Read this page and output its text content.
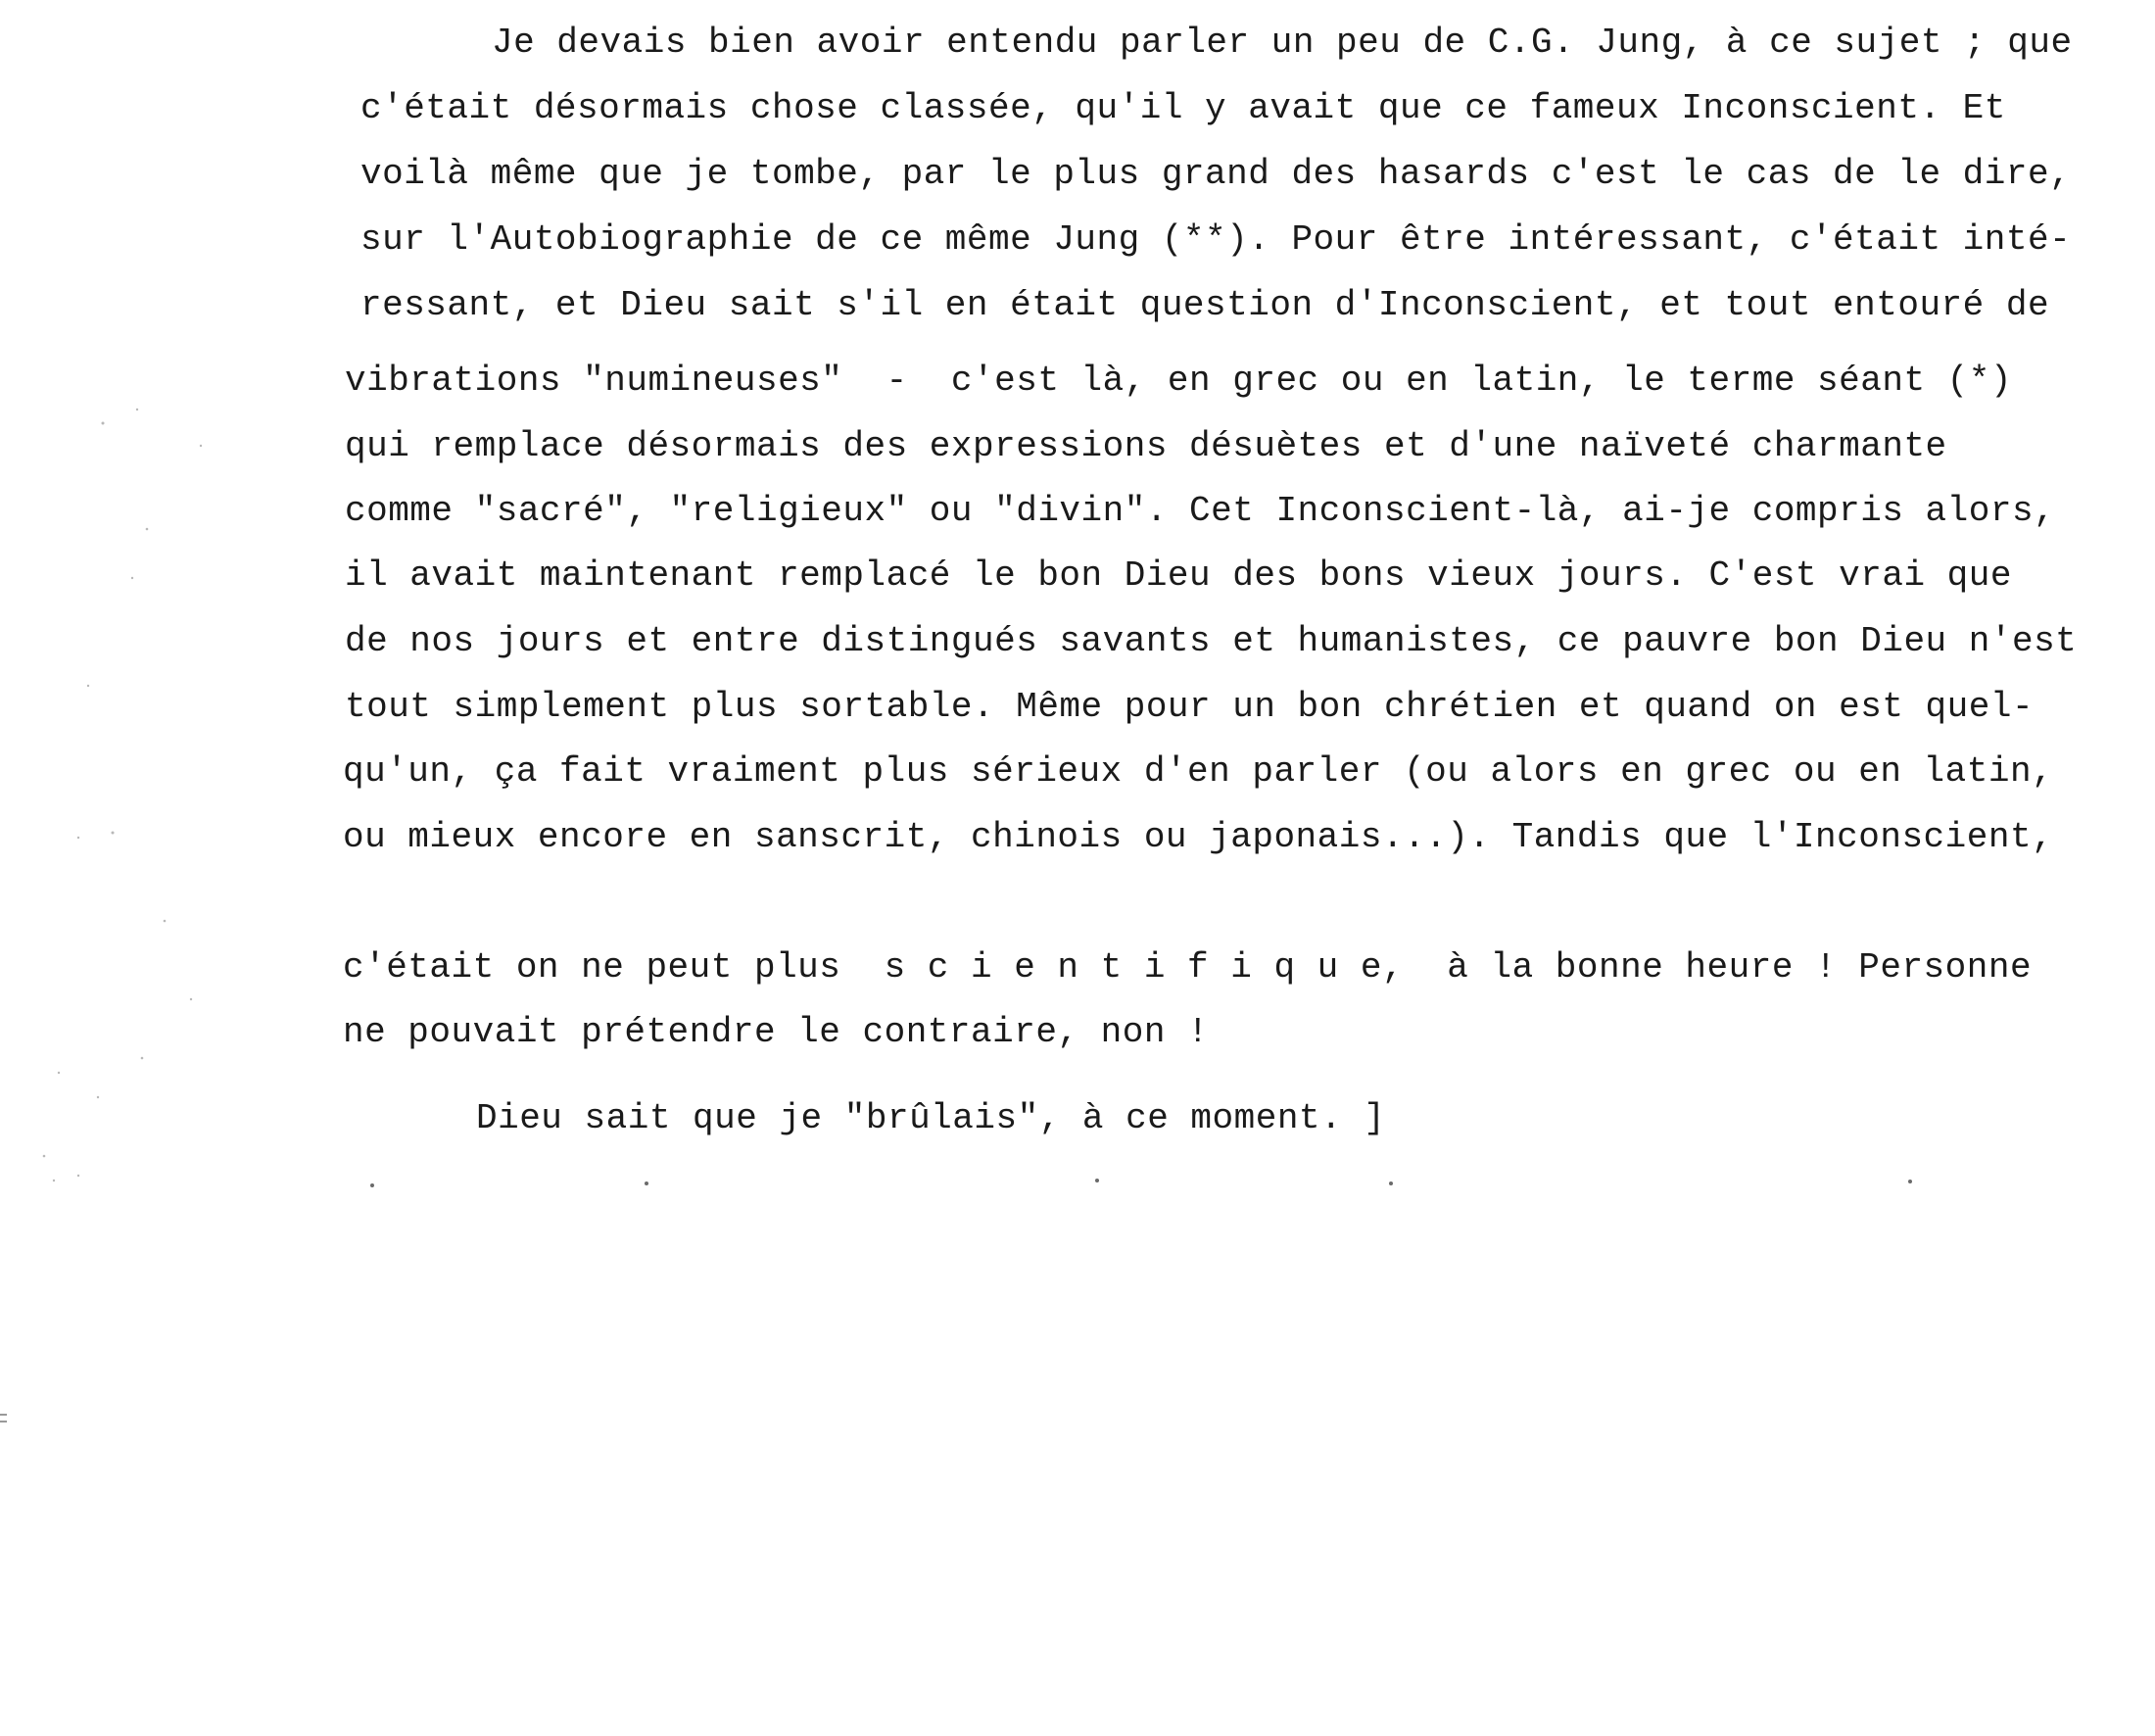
Je devais bien avoir entendu parler un peu de C.G. Jung, à ce sujet ; que
c'était désormais chose classée, qu'il y avait que ce fameux Inconscient. Et
voilà même que je tombe, par le plus grand des hasards c'est le cas de le dire,
sur l'Autobiographie de ce même Jung (**). Pour être intéressant, c'était inté-
ressant, et Dieu sait s'il en était question d'Inconscient, et tout entouré de
vibrations "numineuses"  -  c'est là, en grec ou en latin, le terme séant (*)
qui remplace désormais des expressions désuètes et d'une naïveté charmante
comme "sacré", "religieux" ou "divin". Cet Inconscient-là, ai-je compris alors,
il avait maintenant remplacé le bon Dieu des bons vieux jours. C'est vrai que
de nos jours et entre distingués savants et humanistes, ce pauvre bon Dieu n'est
tout simplement plus sortable. Même pour un bon chrétien et quand on est quel-
qu'un, ça fait vraiment plus sérieux d'en parler (ou alors en grec ou en latin,
ou mieux encore en sanscrit, chinois ou japonais...). Tandis que l'Inconscient,
c'était on ne peut plus  s c i e n t i f i q u e,  à la bonne heure ! Personne
ne pouvait prétendre le contraire, non !
Dieu sait que je "brûlais", à ce moment. ]
